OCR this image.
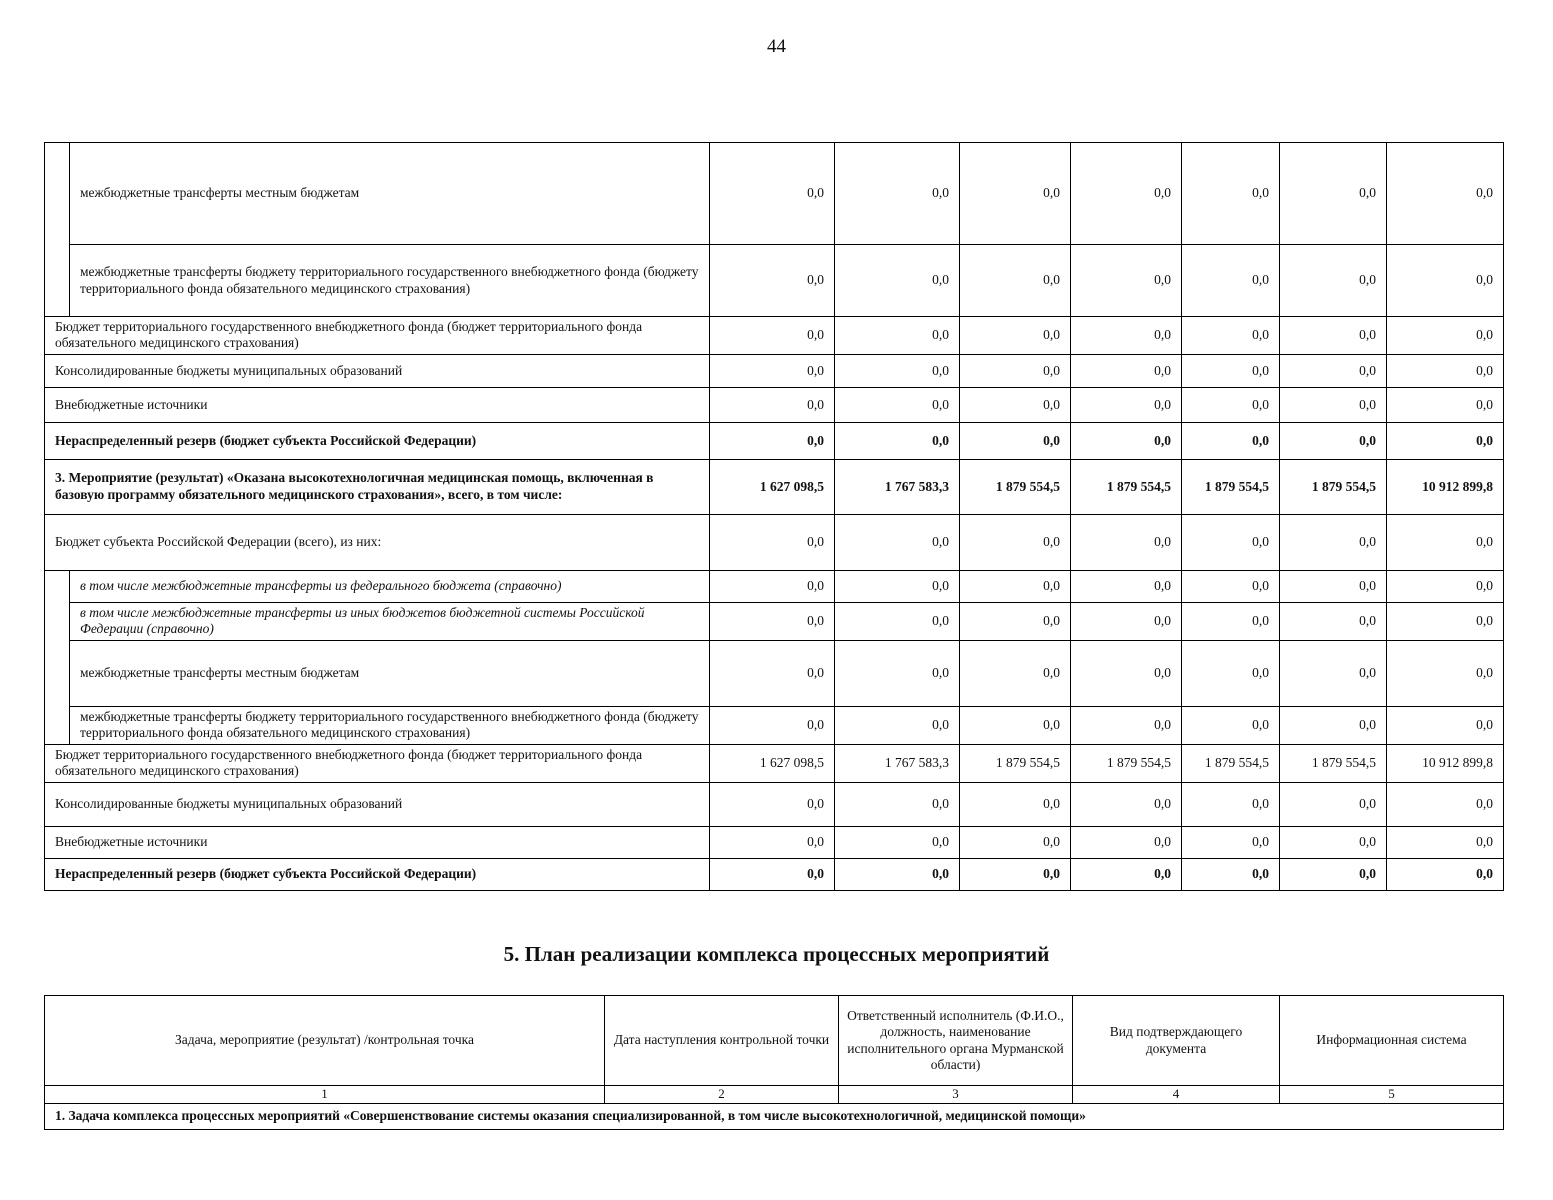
44
	межбюджетные трансферты местным бюджетам	0,0	0,0	0,0	0,0	0,0	0,0	0,0
	межбюджетные трансферты бюджету территориального государственного внебюджетного фонда (бюджету территориального фонда обязательного медицинского страхования)	0,0	0,0	0,0	0,0	0,0	0,0	0,0
Бюджет территориального государственного внебюджетного фонда (бюджет территориального фонда обязательного медицинского страхования)		0,0	0,0	0,0	0,0	0,0	0,0	0,0
Консолидированные бюджеты муниципальных образований		0,0	0,0	0,0	0,0	0,0	0,0	0,0
Внебюджетные источники		0,0	0,0	0,0	0,0	0,0	0,0	0,0
Нераспределенный резерв (бюджет субъекта Российской Федерации)		0,0	0,0	0,0	0,0	0,0	0,0	0,0
3. Мероприятие (результат) «Оказана высокотехнологичная медицинская помощь, включенная в базовую программу обязательного медицинского страхования», всего, в том числе:		1 627 098,5	1 767 583,3	1 879 554,5	1 879 554,5	1 879 554,5	1 879 554,5	10 912 899,8
Бюджет субъекта Российской Федерации (всего), из них:		0,0	0,0	0,0	0,0	0,0	0,0	0,0
	в том числе межбюджетные трансферты из федерального бюджета (справочно)	0,0	0,0	0,0	0,0	0,0	0,0	0,0
	в том числе межбюджетные трансферты из иных бюджетов бюджетной системы Российской Федерации (справочно)	0,0	0,0	0,0	0,0	0,0	0,0	0,0
	межбюджетные трансферты местным бюджетам	0,0	0,0	0,0	0,0	0,0	0,0	0,0
	межбюджетные трансферты бюджету территориального государственного внебюджетного фонда (бюджету территориального фонда обязательного медицинского страхования)	0,0	0,0	0,0	0,0	0,0	0,0	0,0
Бюджет территориального государственного внебюджетного фонда (бюджет территориального фонда обязательного медицинского страхования)		1 627 098,5	1 767 583,3	1 879 554,5	1 879 554,5	1 879 554,5	1 879 554,5	10 912 899,8
Консолидированные бюджеты муниципальных образований		0,0	0,0	0,0	0,0	0,0	0,0	0,0
Внебюджетные источники		0,0	0,0	0,0	0,0	0,0	0,0	0,0
Нераспределенный резерв (бюджет субъекта Российской Федерации)		0,0	0,0	0,0	0,0	0,0	0,0	0,0
5. План реализации комплекса процессных мероприятий
Задача, мероприятие (результат) /контрольная точка	Дата наступления контрольной точки	Ответственный исполнитель (Ф.И.О., должность, наименование исполнительного органа Мурманской области)	Вид подтверждающего документа	Информационная система
1	2	3	4	5
1. Задача комплекса процессных мероприятий «Совершенствование системы оказания специализированной, в том числе высокотехнологичной, медицинской помощи»				
